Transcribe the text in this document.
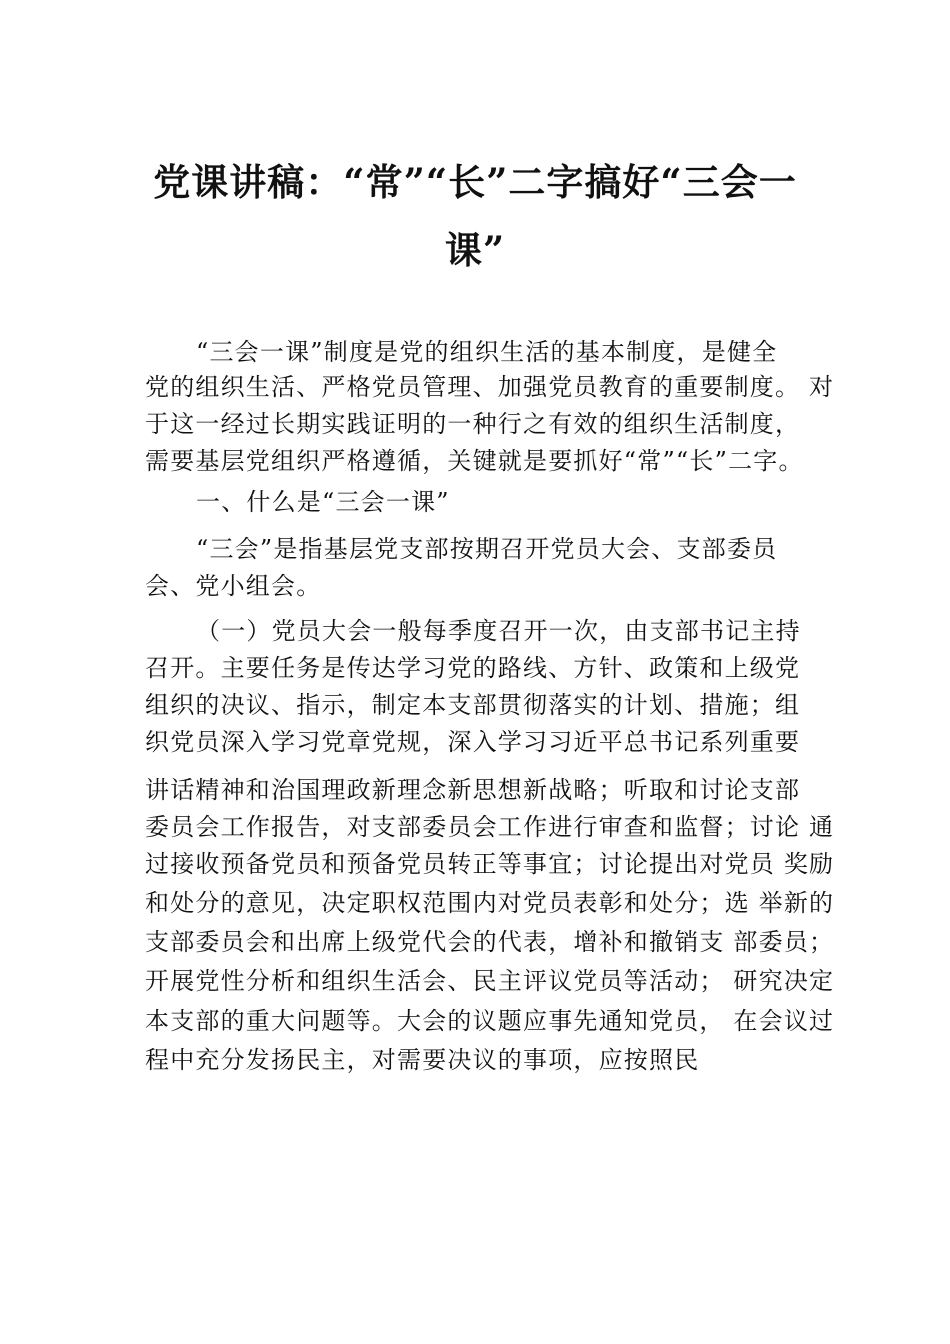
党课讲稿：“常”“长”二字搞好“三会一
课”
“三会一课”制度是党的组织生活的基本制度，是健全
党的组织生活、严格党员管理、加强党员教育的重要制度。 对
于这一经过长期实践证明的一种行之有效的组织生活制度，
需要基层党组织严格遵循，关键就是要抓好“常”“长”二字。
一、什么是“三会一课”
“三会”是指基层党支部按期召开党员大会、支部委员
会、党小组会。
（一）党员大会一般每季度召开一次，由支部书记主持
召开。主要任务是传达学习党的路线、方针、政策和上级党
组织的决议、指示，制定本支部贯彻落实的计划、措施；组
织党员深入学习党章党规，深入学习习近平总书记系列重要
讲话精神和治国理政新理念新思想新战略；听取和讨论支部
委员会工作报告，对支部委员会工作进行审查和监督；讨论 通
过接收预备党员和预备党员转正等事宜；讨论提出对党员 奖励
和处分的意见，决定职权范围内对党员表彰和处分；选 举新的
支部委员会和出席上级党代会的代表，增补和撤销支 部委员；
开展党性分析和组织生活会、民主评议党员等活动； 研究决定
本支部的重大问题等。大会的议题应事先通知党员， 在会议过
程中充分发扬民主，对需要决议的事项，应按照民
